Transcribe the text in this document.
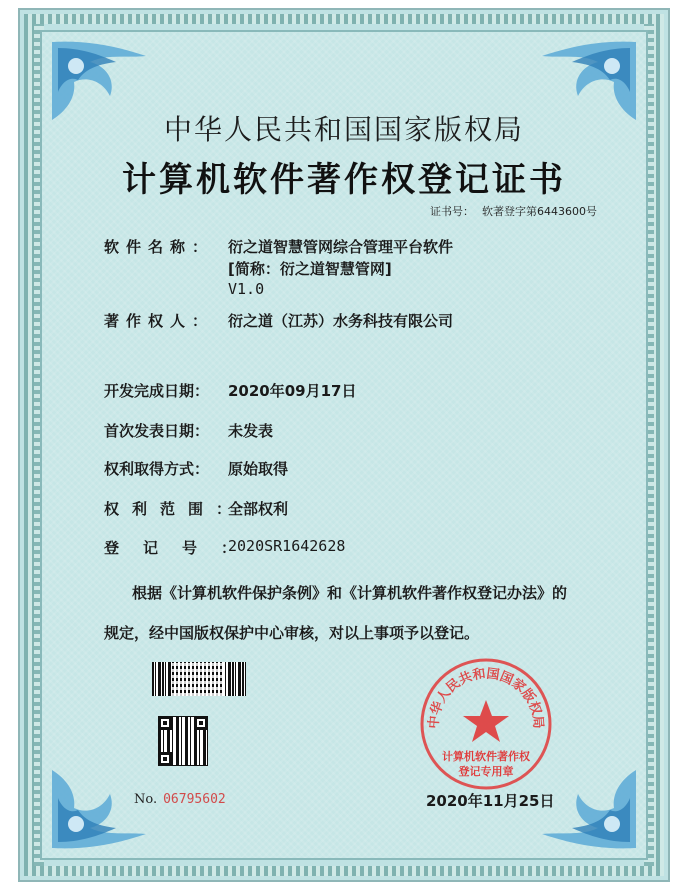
中华人民共和国国家版权局
计算机软件著作权登记证书
证书号： 软著登字第6443600号
软件名称： 衍之道智慧管网综合管理平台软件
[简称：衍之道智慧管网]
V1.0
著作权人： 衍之道（江苏）水务科技有限公司
开发完成日期： 2020年09月17日
首次发表日期： 未发表
权利取得方式： 原始取得
权利范围：
全部权利
登记号：
2020SR1642628
根据《计算机软件保护条例》和《计算机软件著作权登记办法》的
规定，经中国版权保护中心审核，对以上事项予以登记。
No. 06795602
中华人民共和国国家版权局
计算机软件著作权
登记专用章
2020年11月25日
